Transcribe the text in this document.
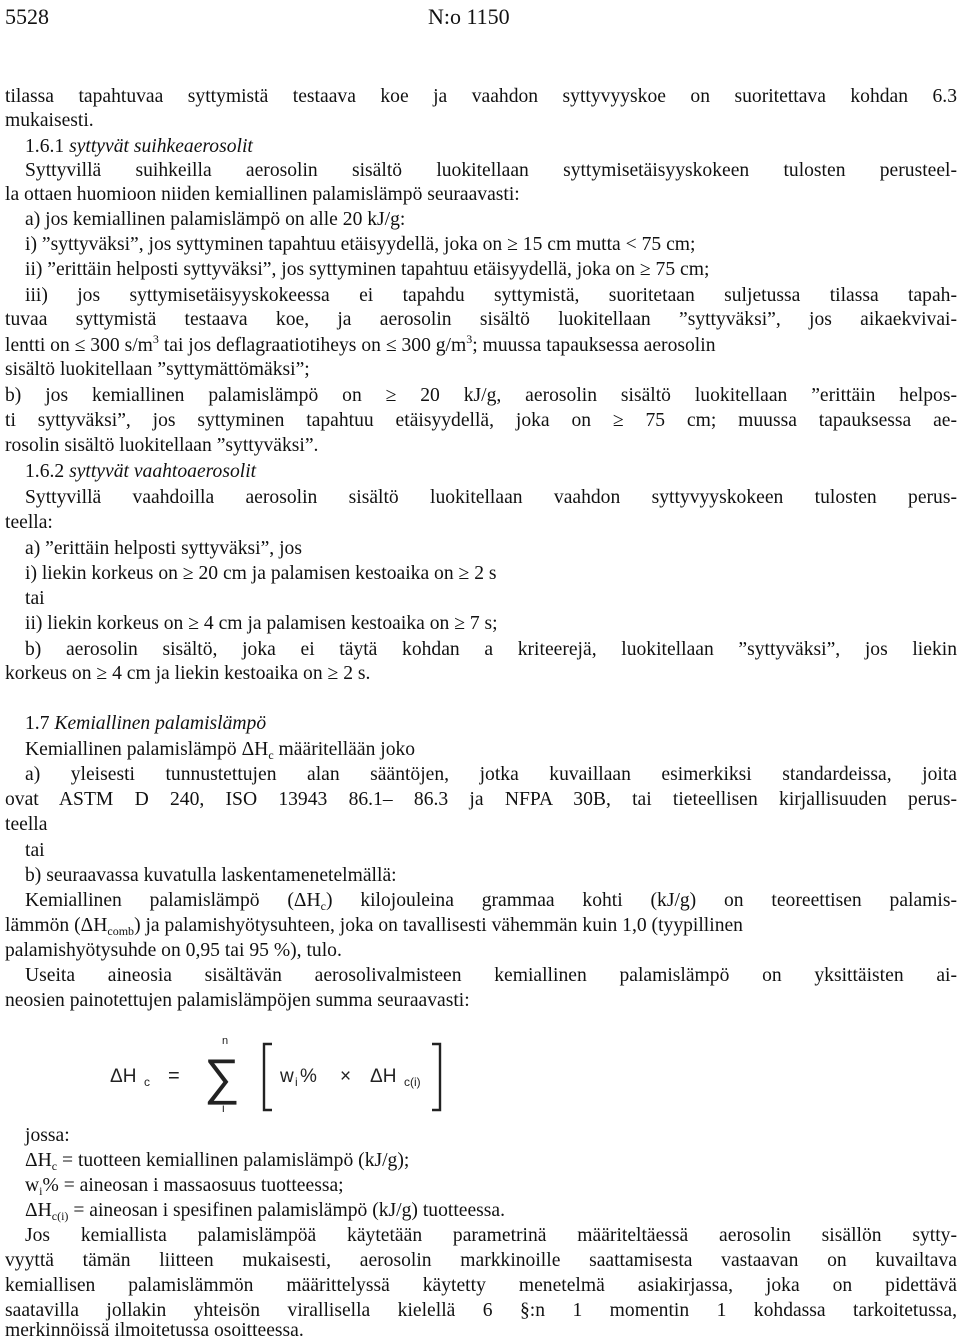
5528	N:o 1150
tilassa tapahtuvaa syttymistä testaava koe ja vaahdon syttyvyyskoe on suoritettava kohdan 6.3
mukaisesti.
1.6.1 syttyvät suihkeaerosolit
Syttyvillä suihkeilla aerosolin sisältö luokitellaan syttymisetäisyyskokeen tulosten perusteel-
la ottaen huomioon niiden kemiallinen palamislämpö seuraavasti:
a) jos kemiallinen palamislämpö on alle 20 kJ/g:
i) ”syttyväksi”, jos syttyminen tapahtuu etäisyydellä, joka on ≥ 15 cm mutta < 75 cm;
ii) ”erittäin helposti syttyväksi”, jos syttyminen tapahtuu etäisyydellä, joka on ≥ 75 cm;
iii) jos syttymisetäisyyskokeessa ei tapahdu syttymistä, suoritetaan suljetussa tilassa tapah-
tuvaa syttymistä testaava koe, ja aerosolin sisältö luokitellaan ”syttyväksi”, jos aikaekvivai-
lentti on ≤ 300 $s/m^3$ tai jos deflagraatiotiheys on ≤ 300 $g/m^3$; muussa tapauksessa aerosolin
sisältö luokitellaan ”syttymättömäksi”;
b) jos kemiallinen palamislämpö on ≥ 20 kJ/g, aerosolin sisältö luokitellaan ”erittäin helpos-
ti syttyväksi”, jos syttyminen tapahtuu etäisyydellä, joka on ≥ 75 cm; muussa tapauksessa ae-
rosolin sisältö luokitellaan ”syttyväksi”.
1.6.2 syttyvät vaahtoaerosolit
Syttyvillä vaahdoilla aerosolin sisältö luokitellaan vaahdon syttyvyyskokeen tulosten perus-
teella:
a) ”erittäin helposti syttyväksi”, jos
i) liekin korkeus on ≥ 20 cm ja palamisen kestoaika on ≥ 2 s
tai
ii) liekin korkeus on ≥ 4 cm ja palamisen kestoaika on ≥ 7 s;
b) aerosolin sisältö, joka ei täytä kohdan a kriteerejä, luokitellaan ”syttyväksi”, jos liekin
korkeus on ≥ 4 cm ja liekin kestoaika on ≥ 2 s.
1.7 Kemiallinen palamislämpö
Kemiallinen palamislämpö $\Delta H_c$ määritellään joko
a) yleisesti tunnustettujen alan sääntöjen, jotka kuvaillaan esimerkiksi standardeissa, joita
ovat ASTM D 240, ISO 13943 86.1– 86.3 ja NFPA 30B, tai tieteellisen kirjallisuuden perus-
teella
tai
b) seuraavassa kuvatulla laskentamenetelmällä:
Kemiallinen palamislämpö $(\Delta H_c)$ kilojouleina grammaa kohti (kJ/g) on teoreettisen palamis-
lämmön $(\Delta H_{comb})$ ja palamishyötysuhteen, joka on tavallisesti vähemmän kuin 1,0 (tyypillinen
palamishyötysuhde on 0,95 tai 95 %), tulo.
Useita aineosia sisältävän aerosolivalmisteen kemiallinen palamislämpö on yksittäisten ai-
neosien painotettujen palamislämpöjen summa seuraavasti:
ΔH c =
n
∑
i
w i % × ΔH c(i)
jossa:
$\Delta H_c$ = tuotteen kemiallinen palamislämpö (kJ/g);
$w_i\%$ = aineosan i massaosuus tuotteessa;
$\Delta H_{c(i)}$ = aineosan i spesifinen palamislämpö (kJ/g) tuotteessa.
Jos kemiallista palamislämpöä käytetään parametrinä määriteltäessä aerosolin sisällön sytty-
vyyttä tämän liitteen mukaisesti, aerosolin markkinoille saattamisesta vastaavan on kuvailtava
kemiallisen palamislämmön määrittelyssä käytetty menetelmä asiakirjassa, joka on pidettävä
saatavilla jollakin yhteisön virallisella kielellä 6 §:n 1 momentin 1 kohdassa tarkoitetussa,
merkinnöissä ilmoitetussa osoitteessa.
